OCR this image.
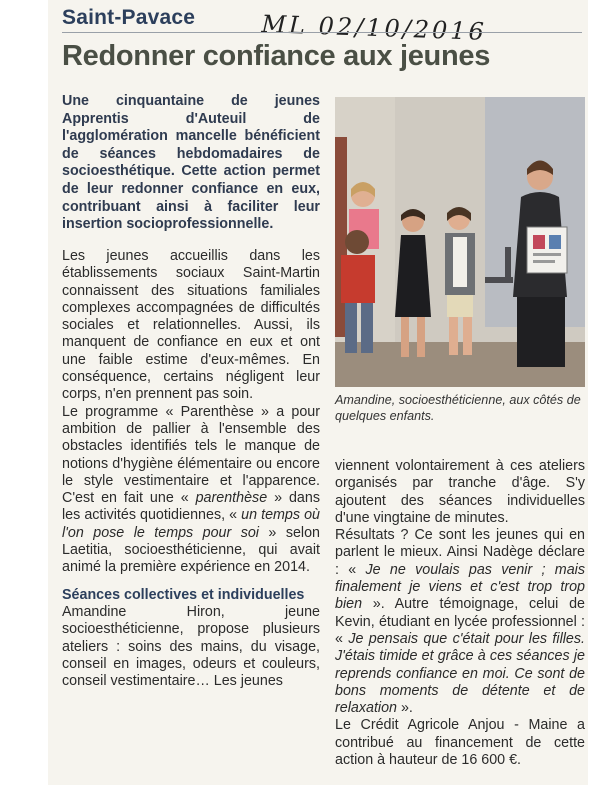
Saint-Pavace	ML 02/10/2016
Redonner confiance aux jeunes
Une cinquantaine de jeunes Apprentis d'Auteuil de l'agglomération mancelle bénéficient de séances hebdomadaires de socioesthétique. Cette action permet de leur redonner confiance en eux, contribuant ainsi à faciliter leur insertion socioprofessionnelle.
Amandine, socioesthéticienne, aux côtés de quelques enfants.

Les jeunes accueillis dans les établissements sociaux Saint-Martin connaissent des situations familiales complexes accompagnées de difficultés sociales et relationnelles. Aussi, ils manquent de confiance en eux et ont une faible estime d'eux-mêmes. En conséquence, certains négligent leur corps, n'en prennent pas soin.

Le programme « Parenthèse » a pour ambition de pallier à l'ensemble des obstacles identifiés tels le manque de notions d'hygiène élémentaire ou encore le style vestimentaire et l'apparence. C'est en fait une « parenthèse » dans les activités quotidiennes, « un temps où l'on pose le temps pour soi » selon Laetitia, socioesthéticienne, qui avait animé la première expérience en 2014.

Séances collectives et individuelles

Amandine Hiron, jeune socioesthéticienne, propose plusieurs ateliers : soins des mains, du visage, conseil en images, odeurs et couleurs, conseil vestimentaire… Les jeunes

viennent volontairement à ces ateliers organisés par tranche d'âge. S'y ajoutent des séances individuelles d'une vingtaine de minutes.

Résultats ? Ce sont les jeunes qui en parlent le mieux. Ainsi Nadège déclare : « Je ne voulais pas venir ; mais finalement je viens et c'est trop trop bien ». Autre témoignage, celui de Kevin, étudiant en lycée professionnel : « Je pensais que c'était pour les filles. J'étais timide et grâce à ces séances je reprends confiance en moi. Ce sont de bons moments de détente et de relaxation ».

Le Crédit Agricole Anjou - Maine a contribué au financement de cette action à hauteur de 16 600 €.
